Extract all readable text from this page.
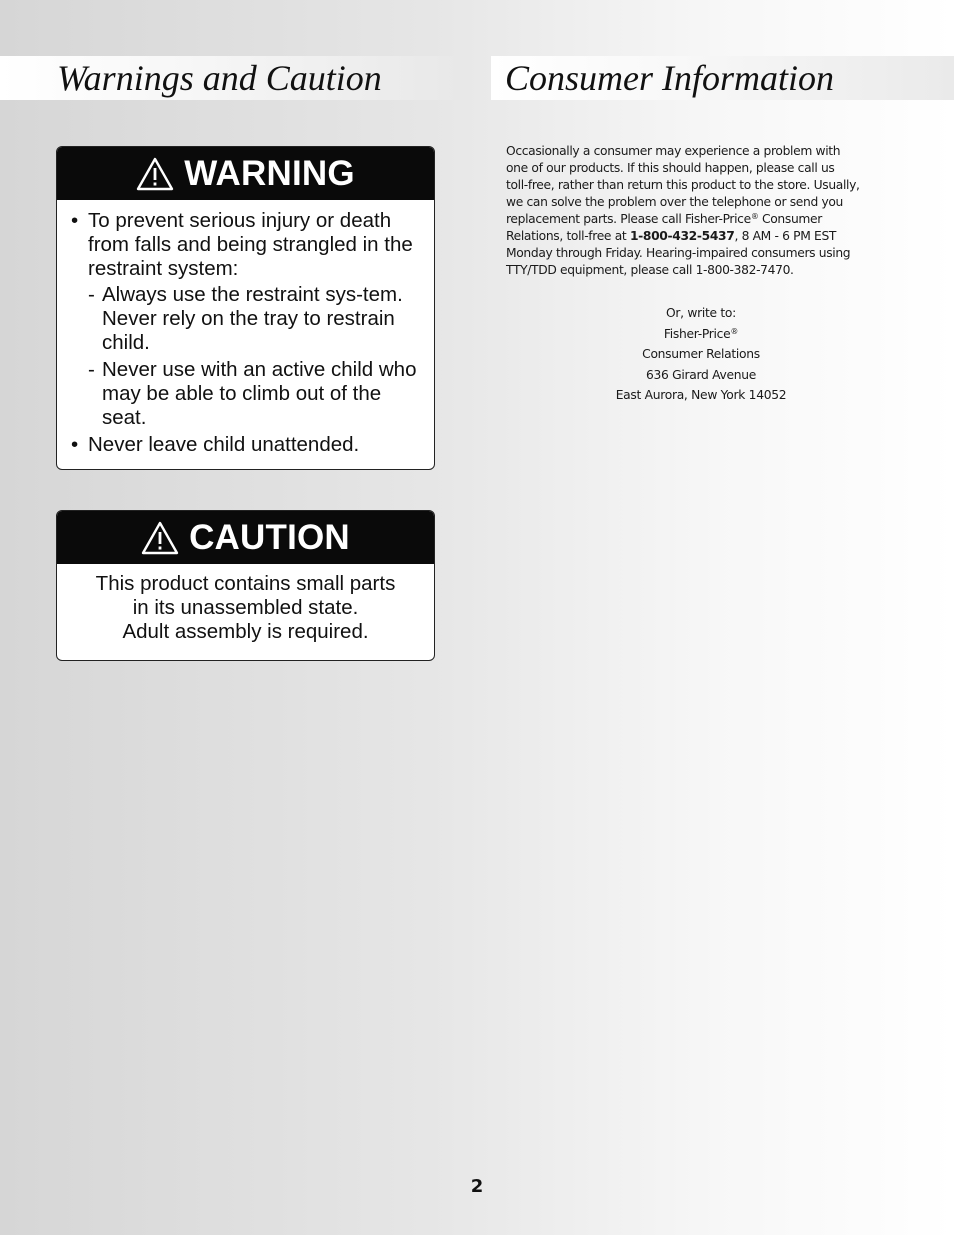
Warnings and Caution	Consumer Information
WARNING
• To prevent serious injury or death from falls and being strangled in the restraint system:
- Always use the restraint sys-tem. Never rely on the tray to restrain child.
- Never use with an active child who may be able to climb out of the seat.
• Never leave child unattended.
CAUTION
This product contains small parts
in its unassembled state.
Adult assembly is required.
Occasionally a consumer may experience a problem with
one of our products. If this should happen, please call us
toll-free, rather than return this product to the store. Usually,
we can solve the problem over the telephone or send you
replacement parts. Please call Fisher-Price® Consumer
Relations, toll-free at 1-800-432-5437, 8 AM - 6 PM EST
Monday through Friday. Hearing-impaired consumers using
TTY/TDD equipment, please call 1-800-382-7470.
Or, write to:
Fisher-Price®
Consumer Relations
636 Girard Avenue
East Aurora, New York 14052
2
